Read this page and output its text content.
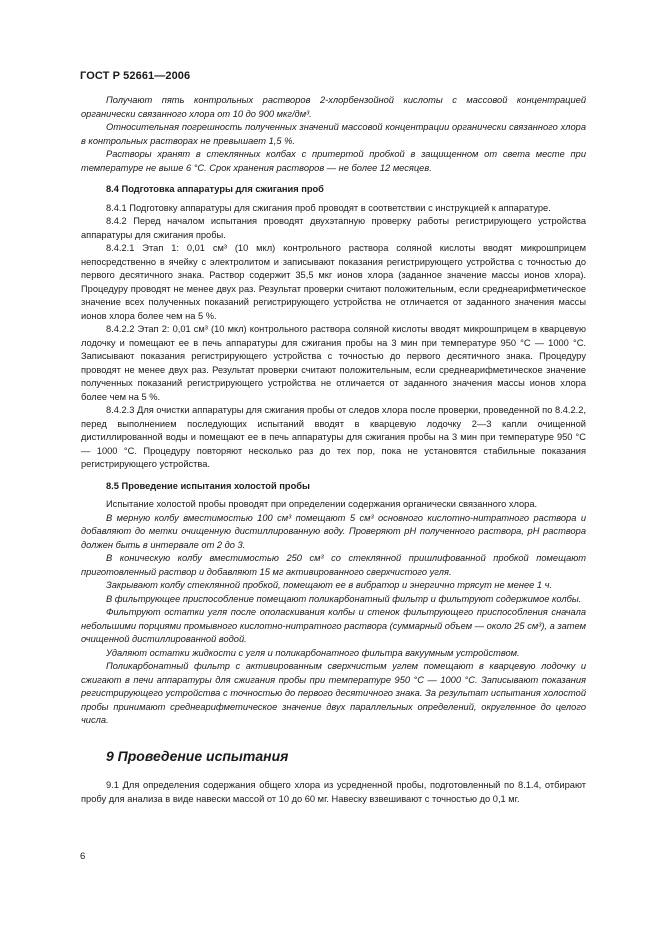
ГОСТ Р 52661—2006
Получают пять контрольных растворов 2-хлорбензойной кислоты с массовой концентрацией органически связанного хлора от 10 до 900 мкг/дм³.
Относительная погрешность полученных значений массовой концентрации органически связанного хлора в контрольных растворах не превышает 1,5 %.
Растворы хранят в стеклянных колбах с притертой пробкой в защищенном от света месте при температуре не выше 6 °С. Срок хранения растворов — не более 12 месяцев.
8.4 Подготовка аппаратуры для сжигания проб
8.4.1 Подготовку аппаратуры для сжигания проб проводят в соответствии с инструкцией к аппаратуре.
8.4.2 Перед началом испытания проводят двухэтапную проверку работы регистрирующего устройства аппаратуры для сжигания пробы.
8.4.2.1 Этап 1: 0,01 см³ (10 мкл) контрольного раствора соляной кислоты вводят микрошприцем непосредственно в ячейку с электролитом и записывают показания регистрирующего устройства с точностью до первого десятичного знака. Раствор содержит 35,5 мкг ионов хлора (заданное значение массы ионов хлора). Процедуру проводят не менее двух раз. Результат проверки считают положительным, если среднеарифметическое значение всех полученных показаний регистрирующего устройства не отличается от заданного значения массы ионов хлора более чем на 5 %.
8.4.2.2 Этап 2: 0,01 см³ (10 мкл) контрольного раствора соляной кислоты вводят микрошприцем в кварцевую лодочку и помещают ее в печь аппаратуры для сжигания пробы на 3 мин при температуре 950 °С — 1000 °С. Записывают показания регистрирующего устройства с точностью до первого десятичного знака. Процедуру проводят не менее двух раз. Результат проверки считают положительным, если среднеарифметическое значение полученных показаний регистрирующего устройства не отличается от заданного значения массы ионов хлора более чем на 5 %.
8.4.2.3 Для очистки аппаратуры для сжигания пробы от следов хлора после проверки, проведенной по 8.4.2.2, перед выполнением последующих испытаний вводят в кварцевую лодочку 2—3 капли очищенной дистиллированной воды и помещают ее в печь аппаратуры для сжигания пробы на 3 мин при температуре 950 °С — 1000 °С. Процедуру повторяют несколько раз до тех пор, пока не установятся стабильные показания регистрирующего устройства.
8.5 Проведение испытания холостой пробы
Испытание холостой пробы проводят при определении содержания органически связанного хлора.
В мерную колбу вместимостью 100 см³ помещают 5 см³ основного кислотно-нитратного раствора и добавляют до метки очищенную дистиллированную воду. Проверяют рН полученного раствора, рН раствора должен быть в интервале от 2 до 3.
В коническую колбу вместимостью 250 см³ со стеклянной пришлифованной пробкой помещают приготовленный раствор и добавляют 15 мг активированного сверхчистого угля.
Закрывают колбу стеклянной пробкой, помещают ее в вибратор и энергично трясут не менее 1 ч.
В фильтрующее приспособление помещают поликарбонатный фильтр и фильтруют содержимое колбы.
Фильтруют остатки угля после ополаскивания колбы и стенок фильтрующего приспособления сначала небольшими порциями промывного кислотно-нитратного раствора (суммарный объем — около 25 см³), а затем очищенной дистиллированной водой.
Удаляют остатки жидкости с угля и поликарбонатного фильтра вакуумным устройством.
Поликарбонатный фильтр с активированным сверхчистым углем помещают в кварцевую лодочку и сжигают в печи аппаратуры для сжигания пробы при температуре 950 °С — 1000 °С. Записывают показания регистрирующего устройства с точностью до первого десятичного знака. За результат испытания холостой пробы принимают среднеарифметическое значение двух параллельных определений, округленное до целого числа.
9 Проведение испытания
9.1 Для определения содержания общего хлора из усредненной пробы, подготовленный по 8.1.4, отбирают пробу для анализа в виде навески массой от 10 до 60 мг. Навеску взвешивают с точностью до 0,1 мг.
6
